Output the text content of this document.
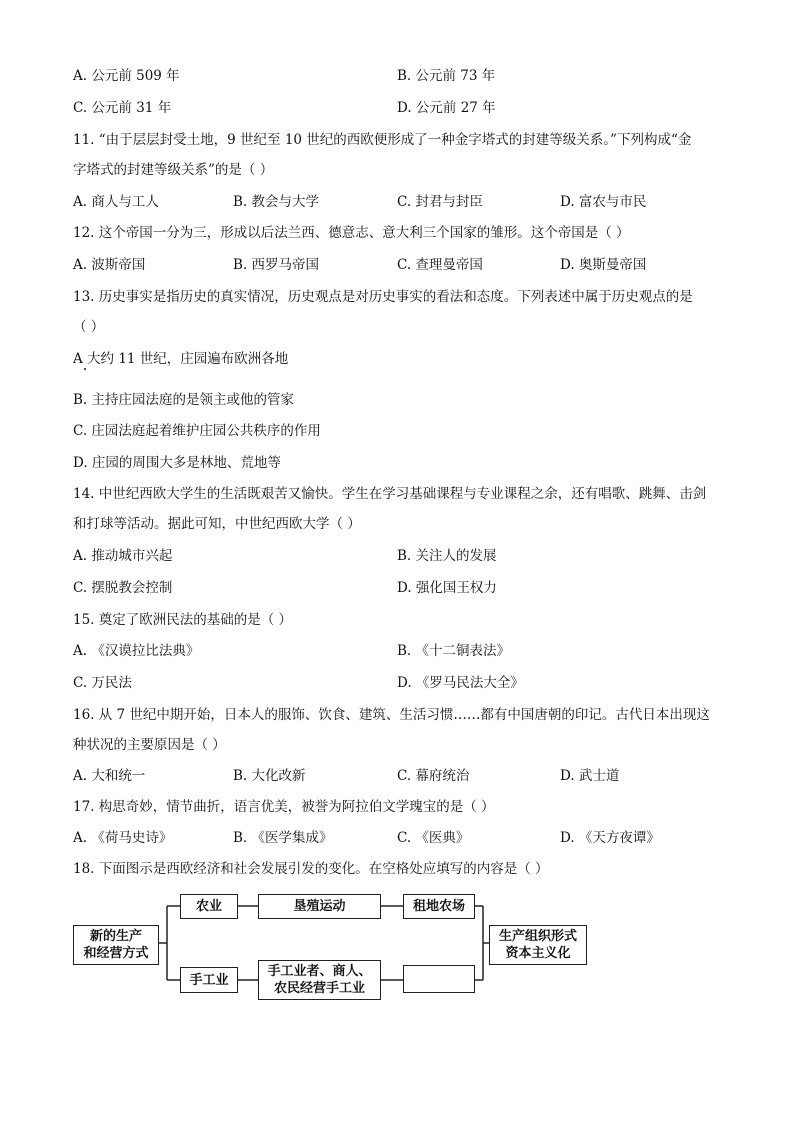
A. 公元前 509 年	B. 公元前 73 年
C. 公元前 31 年	D. 公元前 27 年
11. “由于层层封受土地，9 世纪至 10 世纪的西欧便形成了一种金字塔式的封建等级关系。”下列构成“金
字塔式的封建等级关系”的是（ ）
A. 商人与工人	B. 教会与大学	C. 封君与封臣	D. 富农与市民
12. 这个帝国一分为三，形成以后法兰西、德意志、意大利三个国家的雏形。这个帝国是（ ）
A. 波斯帝国	B. 西罗马帝国	C. 查理曼帝国	D. 奥斯曼帝国
13. 历史事实是指历史的真实情况，历史观点是对历史事实的看法和态度。下列表述中属于历史观点的是
（ ）
A 大约 11 世纪，庄园遍布欧洲各地
B. 主持庄园法庭的是领主或他的管家
C. 庄园法庭起着维护庄园公共秩序的作用
D. 庄园的周围大多是林地、荒地等
14. 中世纪西欧大学生的生活既艰苦又愉快。学生在学习基础课程与专业课程之余，还有唱歌、跳舞、击剑
和打球等活动。据此可知，中世纪西欧大学（ ）
A. 推动城市兴起	B. 关注人的发展
C. 摆脱教会控制	D. 强化国王权力
15. 奠定了欧洲民法的基础的是（ ）
A. 《汉谟拉比法典》	B. 《十二铜表法》
C. 万民法	D. 《罗马民法大全》
16. 从 7 世纪中期开始，日本人的服饰、饮食、建筑、生活习惯……都有中国唐朝的印记。古代日本出现这
种状况的主要原因是（ ）
A. 大和统一	B. 大化改新	C. 幕府统治	D. 武士道
17. 构思奇妙，情节曲折，语言优美，被誉为阿拉伯文学瑰宝的是（ ）
A. 《荷马史诗》	B. 《医学集成》	C. 《医典》	D. 《天方夜谭》
18. 下面图示是西欧经济和社会发展引发的变化。在空格处应填写的内容是（ ）
新的生产
和经营方式
农业	垦殖运动	租地农场
手工业
手工业者、商人、
农民经营手工业
生产组织形式
资本主义化
